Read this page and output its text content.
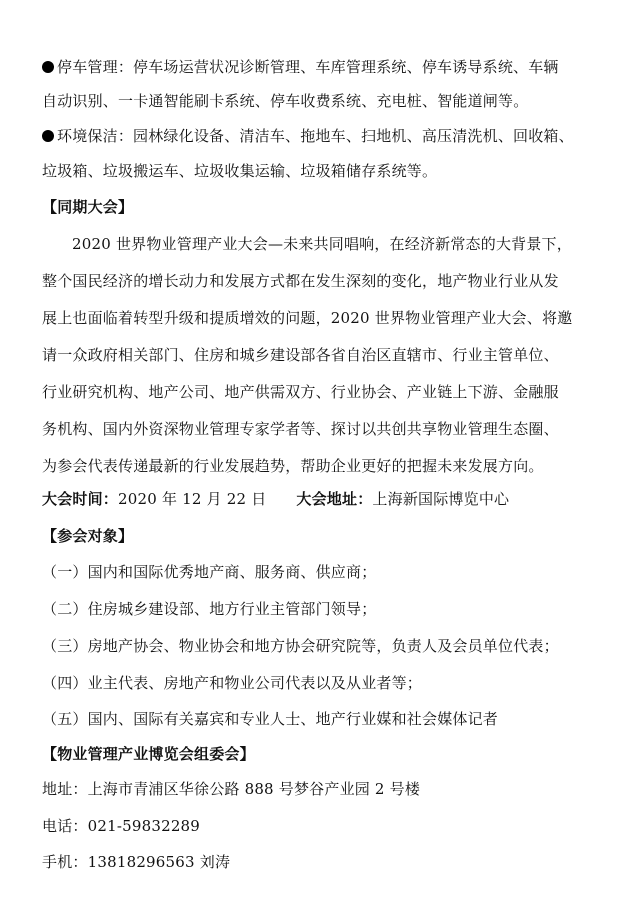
停车管理：停车场运营状况诊断管理、车库管理系统、停车诱导系统、车辆
自动识别、一卡通智能刷卡系统、停车收费系统、充电桩、智能道闸等。
环境保洁：园林绿化设备、清洁车、拖地车、扫地机、高压清洗机、回收箱、
垃圾箱、垃圾搬运车、垃圾收集运输、垃圾箱储存系统等。
【同期大会】
2020 世界物业管理产业大会—未来共同唱响，在经济新常态的大背景下，
整个国民经济的增长动力和发展方式都在发生深刻的变化，地产物业行业从发
展上也面临着转型升级和提质增效的问题，2020 世界物业管理产业大会、将邀
请一众政府相关部门、住房和城乡建设部各省自治区直辖市、行业主管单位、
行业研究机构、地产公司、地产供需双方、行业协会、产业链上下游、金融服
务机构、国内外资深物业管理专家学者等、探讨以共创共享物业管理生态圈、
为参会代表传递最新的行业发展趋势，帮助企业更好的把握未来发展方向。
大会时间：2020 年 12 月 22 日 大会地址：上海新国际博览中心
【参会对象】
（一）国内和国际优秀地产商、服务商、供应商；
（二）住房城乡建设部、地方行业主管部门领导；
（三）房地产协会、物业协会和地方协会研究院等，负责人及会员单位代表；
（四）业主代表、房地产和物业公司代表以及从业者等；
（五）国内、国际有关嘉宾和专业人士、地产行业媒和社会媒体记者
【物业管理产业博览会组委会】
地址：上海市青浦区华徐公路 888 号梦谷产业园 2 号楼
电话：021-59832289
手机：13818296563 刘涛
